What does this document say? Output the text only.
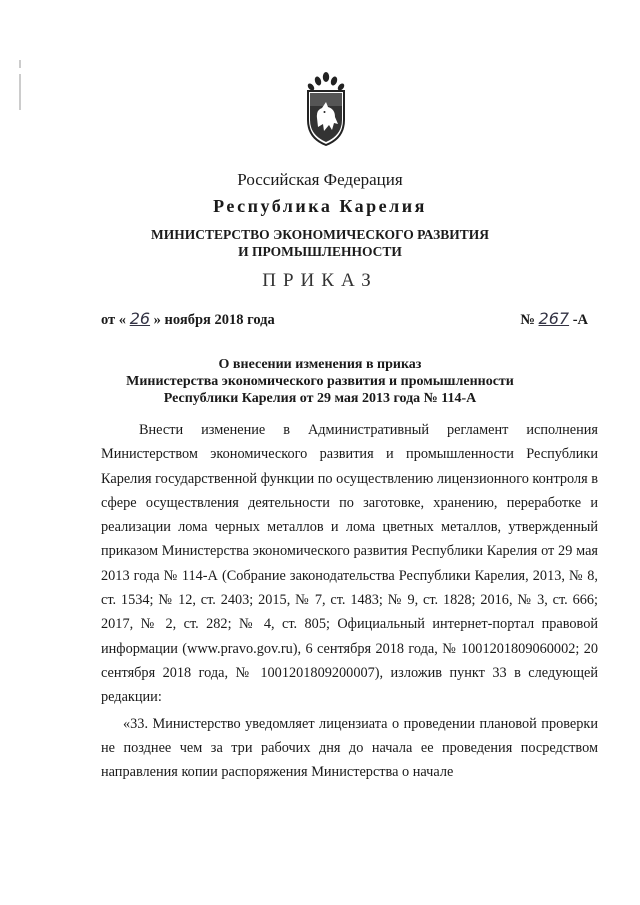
Российская Федерация
Республика Карелия
МИНИСТЕРСТВО ЭКОНОМИЧЕСКОГО РАЗВИТИЯ
И ПРОМЫШЛЕННОСТИ
ПРИКАЗ
от « 26 » ноября 2018 года	№ 267 -А
О внесении изменения в приказ
Министерства экономического развития и промышленности
Республики Карелия от 29 мая 2013 года № 114-А

Внести изменение в Административный регламент исполнения Министерством экономического развития и промышленности Республики Карелия государственной функции по осуществлению лицензионного контроля в сфере осуществления деятельности по заготовке, хранению, переработке и реализации лома черных металлов и лома цветных металлов, утвержденный приказом Министерства экономического развития Республики Карелия от 29 мая 2013 года № 114-А (Собрание законодательства Республики Карелия, 2013, № 8, ст. 1534; № 12, ст. 2403; 2015, № 7, ст. 1483; № 9, ст. 1828; 2016, № 3, ст. 666; 2017, № 2, ст. 282; № 4, ст. 805; Официальный интернет-портал правовой информации (www.pravo.gov.ru), 6 сентября 2018 года, № 1001201809060002; 20 сентября 2018 года, № 1001201809200007), изложив пункт 33 в следующей редакции:

«33. Министерство уведомляет лицензиата о проведении плановой проверки не позднее чем за три рабочих дня до начала ее проведения посредством направления копии распоряжения Министерства о начале
